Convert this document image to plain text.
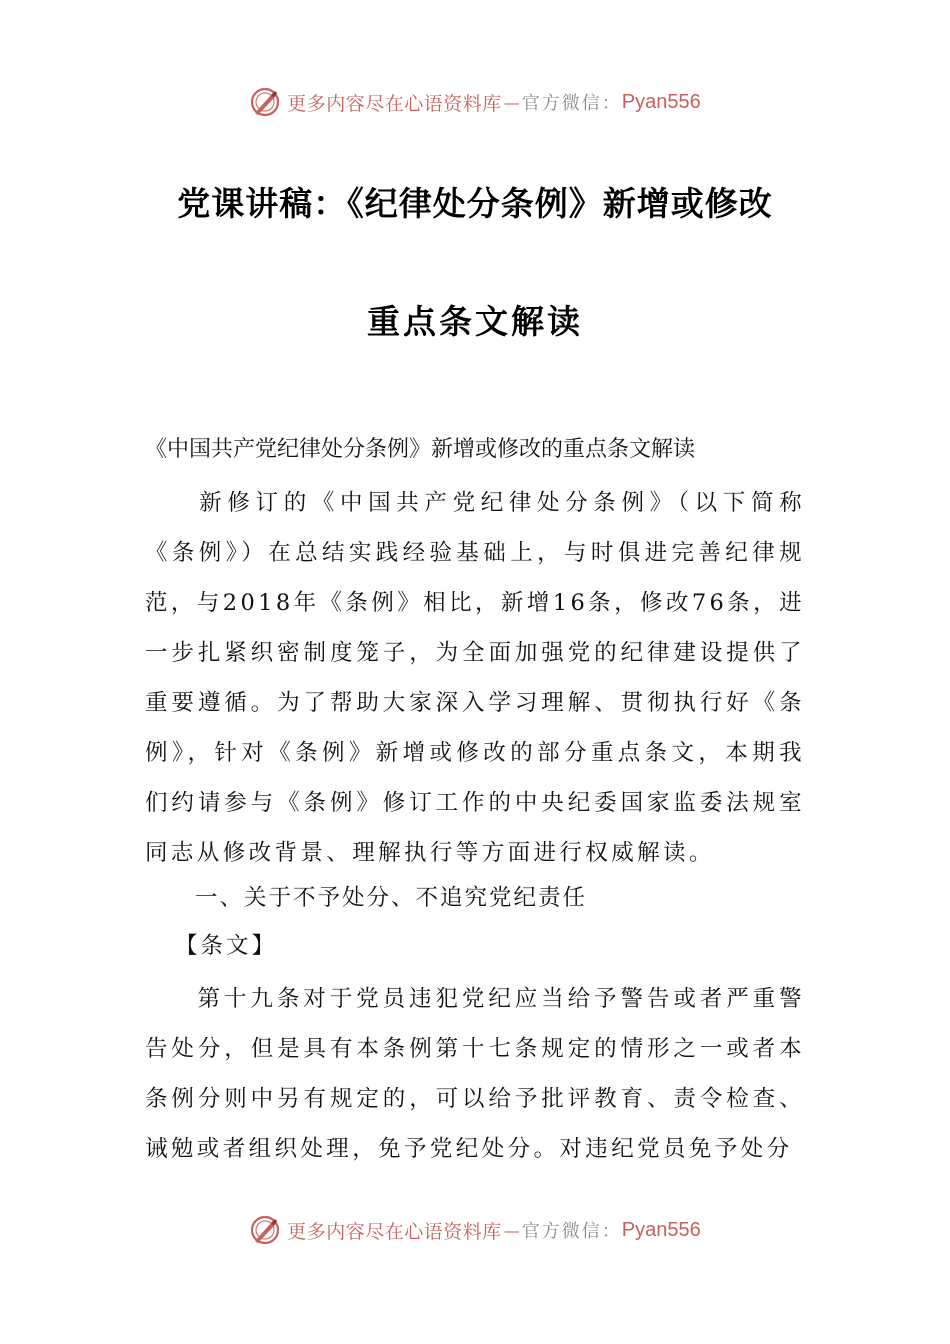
更多内容尽在心语资料库 — 官方微信： Pyan556
党课讲稿：《纪律处分条例》新增或修改
重点条文解读
《中国共产党纪律处分条例》新增或修改的重点条文解读

新修订的《中国共产党纪律处分条例》（以下简称《条例》）在总结实践经验基础上，与时俱进完善纪律规范，与2018年《条例》相比，新增16条，修改76条，进一步扎紧织密制度笼子，为全面加强党的纪律建设提供了重要遵循。为了帮助大家深入学习理解、贯彻执行好《条例》，针对《条例》新增或修改的部分重点条文，本期我们约请参与《条例》修订工作的中央纪委国家监委法规室同志从修改背景、理解执行等方面进行权威解读。

一、关于不予处分、不追究党纪责任
【条文】

第十九条对于党员违犯党纪应当给予警告或者严重警告处分，但是具有本条例第十七条规定的情形之一或者本条例分则中另有规定的，可以给予批评教育、责令检查、诫勉或者组织处理，免予党纪处分。对违纪党员免予处分

更多内容尽在心语资料库 — 官方微信： Pyan556
